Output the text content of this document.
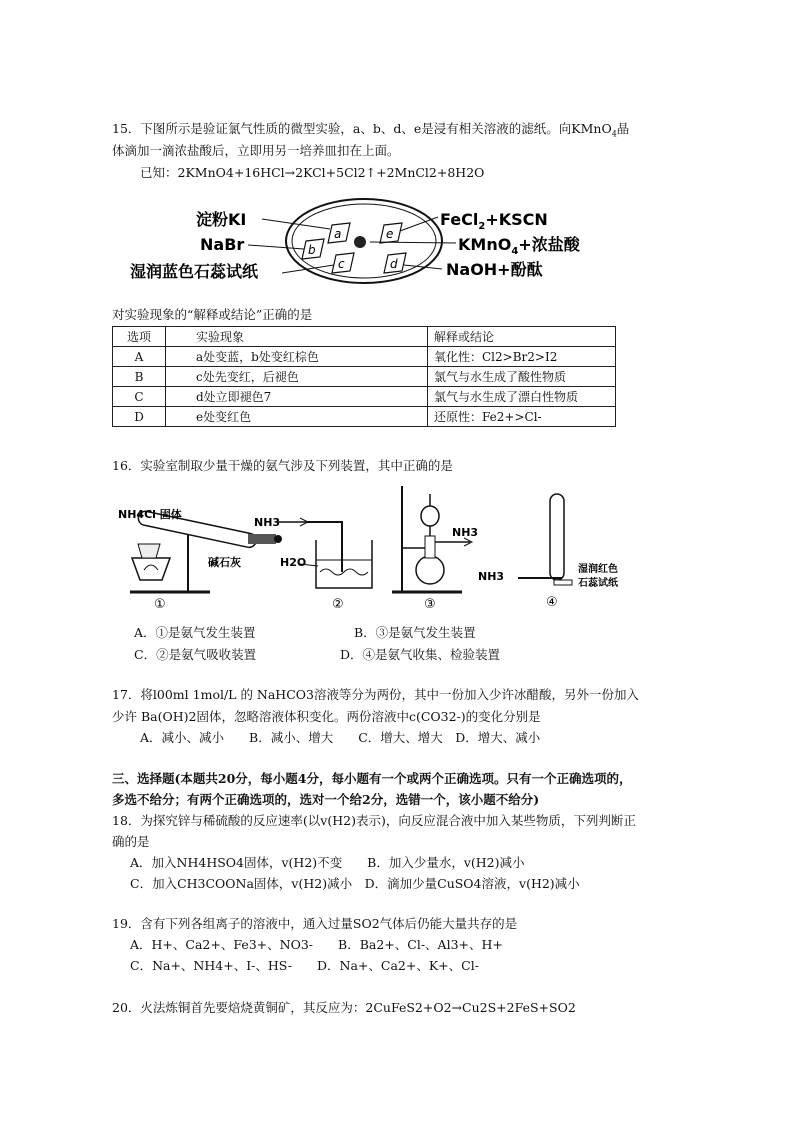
15．下图所示是验证氯气性质的微型实验，a、b、d、e是浸有相关溶液的滤纸。向KMnO$_4$晶
体滴加一滴浓盐酸后，立即用另一培养皿扣在上面。
已知：2KMnO4+16HCl→2KCl+5Cl2↑+2MnCl2+8H2O
a
b
c	d
e
淀粉KI
NaBr
湿润蓝色石蕊试纸
FeCl$_2$+KSCN
KMnO$_4$+浓盐酸
NaOH+酚酞
对实验现象的“解释或结论”正确的是
选项	实验现象	解释或结论
A	a处变蓝，b处变红棕色	氧化性：Cl2>Br2>I2
B	c处先变红，后褪色	氯气与水生成了酸性物质
C	d处立即褪色7	氯气与水生成了漂白性物质
D	e处变红色	还原性：Fe2+>Cl-
16．实验室制取少量干燥的氨气涉及下列装置，其中正确的是
NH4Cl 固体
碱石灰
①
NH3
H2O
②
NH3
③
NH3
湿润红色
石蕊试纸
④
A．①是氨气发生装置	B．③是氨气发生装置
C．②是氨气吸收装置	D．④是氨气收集、检验装置
17．将l00ml 1mol/L 的 NaHCO3溶液等分为两份，其中一份加入少许冰醋酸，另外一份加入
少许 Ba(OH)2固体，忽略溶液体积变化。两份溶液中c(CO32-)的变化分别是
A．减小、减小　　B．减小、增大　　C．增大、增大　D．增大、减小
三、选择题(本题共20分，每小题4分，每小题有一个或两个正确选项。只有一个正确选项的，
多选不给分；有两个正确选项的，选对一个给2分，选错一个，该小题不给分)
18．为探究锌与稀硫酸的反应速率(以v(H2)表示)，向反应混合液中加入某些物质，下列判断正
确的是
A．加入NH4HSO4固体，v(H2)不变　　B．加入少量水，v(H2)减小
C．加入CH3COONa固体，v(H2)减小　D．滴加少量CuSO4溶液，v(H2)减小
19．含有下列各组离子的溶液中，通入过量SO2气体后仍能大量共存的是
A．H+、Ca2+、Fe3+、NO3-　　B．Ba2+、Cl-、Al3+、H+
C．Na+、NH4+、I-、HS-　　D．Na+、Ca2+、K+、Cl-
20．火法炼铜首先要焙烧黄铜矿，其反应为：2CuFeS2+O2→Cu2S+2FeS+SO2
